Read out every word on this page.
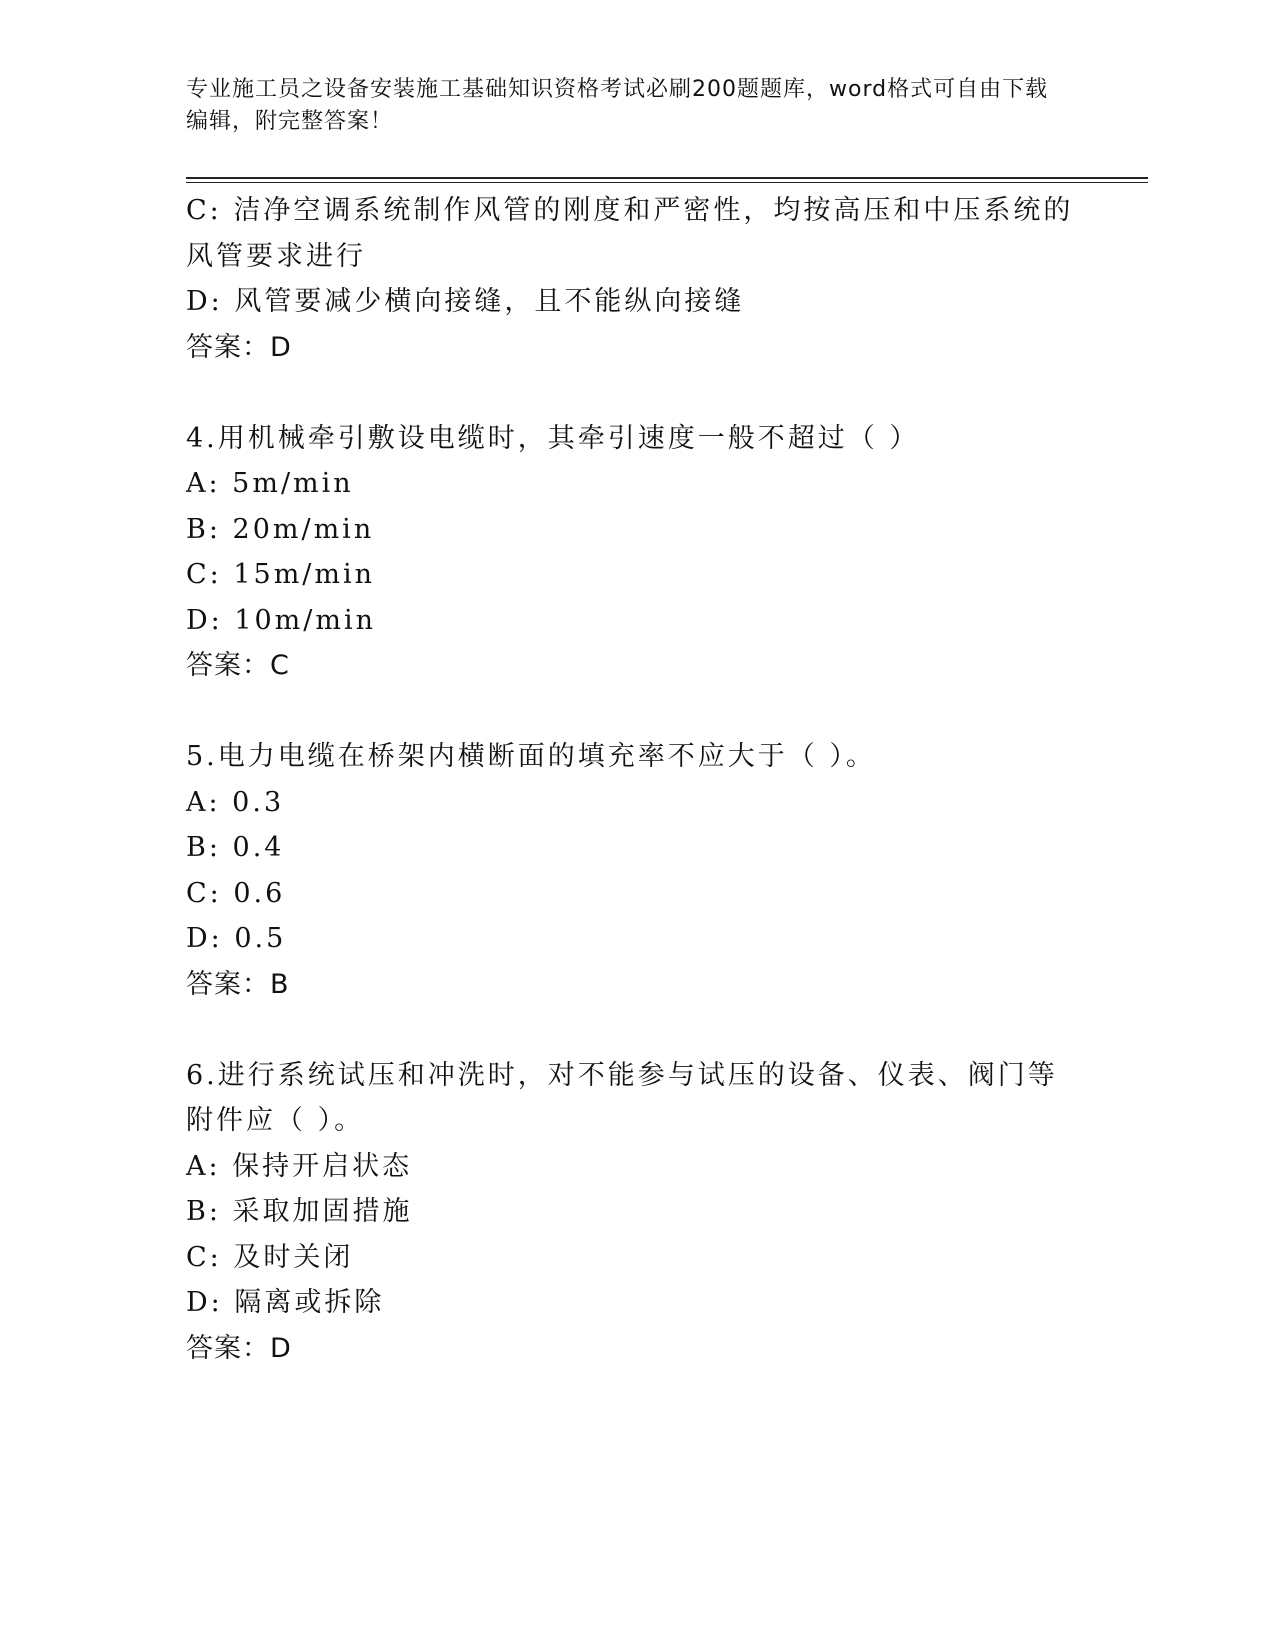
专业施工员之设备安装施工基础知识资格考试必刷200题题库，word格式可自由下载编辑，附完整答案！
C: 洁净空调系统制作风管的刚度和严密性，均按高压和中压系统的风管要求进行
D: 风管要减少横向接缝，且不能纵向接缝
答案：D
4.用机械牵引敷设电缆时，其牵引速度一般不超过（ ）
A: 5m/min
B: 20m/min
C: 15m/min
D: 10m/min
答案：C
5.电力电缆在桥架内横断面的填充率不应大于（ ）。
A: 0.3
B: 0.4
C: 0.6
D: 0.5
答案：B
6.进行系统试压和冲洗时，对不能参与试压的设备、仪表、阀门等附件应（ ）。
A: 保持开启状态
B: 采取加固措施
C: 及时关闭
D: 隔离或拆除
答案：D
